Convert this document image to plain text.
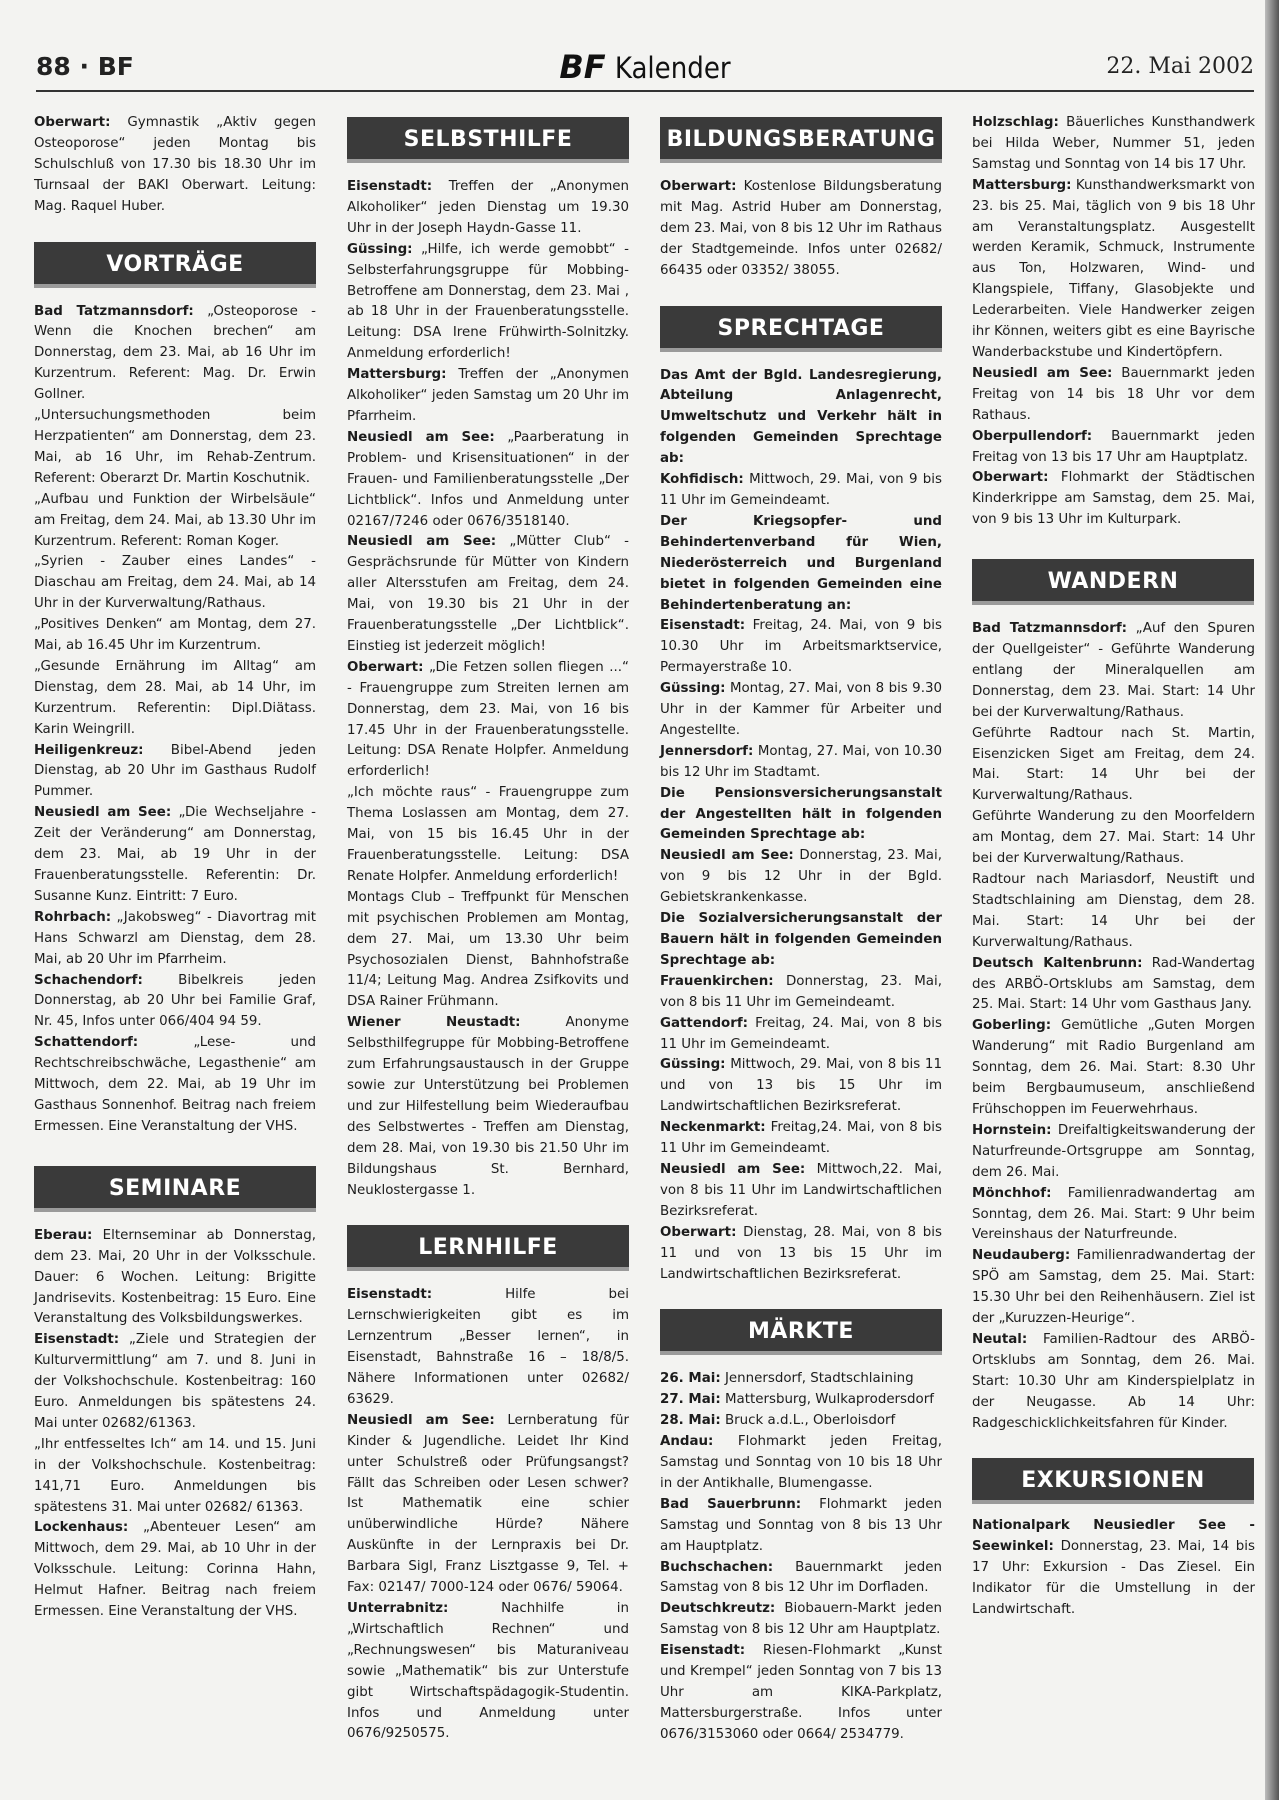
88 · BF	BF Kalender	22. Mai 2002

Oberwart: Gymnastik „Aktiv gegen Osteoporose“ jeden Montag bis Schulschluß von 17.30 bis 18.30 Uhr im Turnsaal der BAKI Oberwart. Leitung: Mag. Raquel Huber.

VORTRÄGE

Bad Tatzmannsdorf: „Osteoporose - Wenn die Knochen brechen“ am Donnerstag, dem 23. Mai, ab 16 Uhr im Kurzentrum. Referent: Mag. Dr. Erwin Gollner.

„Untersuchungsmethoden beim Herzpatienten“ am Donnerstag, dem 23. Mai, ab 16 Uhr, im Rehab-Zentrum. Referent: Oberarzt Dr. Martin Koschutnik.

„Aufbau und Funktion der Wirbelsäule“ am Freitag, dem 24. Mai, ab 13.30 Uhr im Kurzentrum. Referent: Roman Koger.

„Syrien - Zauber eines Landes“ - Diaschau am Freitag, dem 24. Mai, ab 14 Uhr in der Kurverwaltung/Rathaus.

„Positives Denken“ am Montag, dem 27. Mai, ab 16.45 Uhr im Kurzentrum.

„Gesunde Ernährung im Alltag“ am Dienstag, dem 28. Mai, ab 14 Uhr, im Kurzentrum. Referentin: Dipl.Diätass. Karin Weingrill.

Heiligenkreuz: Bibel-Abend jeden Dienstag, ab 20 Uhr im Gasthaus Rudolf Pummer.

Neusiedl am See: „Die Wechseljahre - Zeit der Veränderung“ am Donnerstag, dem 23. Mai, ab 19 Uhr in der Frauenberatungsstelle. Referentin: Dr. Susanne Kunz. Eintritt: 7 Euro.

Rohrbach: „Jakobsweg“ - Diavortrag mit Hans Schwarzl am Dienstag, dem 28. Mai, ab 20 Uhr im Pfarrheim.

Schachendorf:	Bibelkreis jeden Donnerstag, ab 20 Uhr bei Familie Graf, Nr. 45, Infos unter 066/404 94 59.

Schattendorf:	„Lese- und Rechtschreibschwäche, Legasthenie“ am Mittwoch, dem 22. Mai, ab 19 Uhr im Gasthaus Sonnenhof. Beitrag nach freiem Ermessen. Eine Veranstaltung der VHS.

SEMINARE

Eberau: Elternseminar ab Donnerstag, dem 23. Mai, 20 Uhr in der Volksschule. Dauer: 6 Wochen. Leitung: Brigitte Jandrisevits. Kostenbeitrag: 15 Euro. Eine Veranstaltung des Volksbildungswerkes.

Eisenstadt: „Ziele und Strategien der Kulturvermittlung“ am 7. und 8. Juni in der Volkshochschule. Kostenbeitrag: 160 Euro. Anmeldungen bis spätestens 24. Mai unter 02682/61363.

„Ihr entfesseltes Ich“ am 14. und 15. Juni in der Volkshochschule. Kostenbeitrag: 141,71 Euro. Anmeldungen bis spätestens 31. Mai unter 02682/ 61363.

Lockenhaus: „Abenteuer Lesen“ am Mittwoch, dem 29. Mai, ab 10 Uhr in der Volksschule. Leitung: Corinna Hahn, Helmut Hafner. Beitrag nach freiem Ermessen. Eine Veranstaltung der VHS.

SELBSTHILFE

Eisenstadt: Treffen der „Anonymen Alkoholiker“ jeden Dienstag um 19.30 Uhr in der Joseph Haydn-Gasse 11.

Güssing: „Hilfe, ich werde gemobbt“ - Selbsterfahrungsgruppe für Mobbing-Betroffene am Donnerstag, dem 23. Mai , ab 18 Uhr in der Frauenberatungsstelle. Leitung: DSA Irene Frühwirth-Solnitzky. Anmeldung erforderlich!

Mattersburg: Treffen der „Anonymen Alkoholiker“ jeden Samstag um 20 Uhr im Pfarrheim.

Neusiedl am See: „Paarberatung in Problem- und Krisensituationen“ in der Frauen- und Familienberatungsstelle „Der Lichtblick“. Infos und Anmeldung unter 02167/7246 oder 0676/3518140.

Neusiedl am See: „Mütter Club“ - Gesprächsrunde für Mütter von Kindern aller Altersstufen am Freitag, dem 24. Mai, von 19.30 bis 21 Uhr in der Frauenberatungsstelle „Der Lichtblick“. Einstieg ist jederzeit möglich!

Oberwart: „Die Fetzen sollen fliegen ...“ - Frauengruppe zum Streiten lernen am Donnerstag, dem 23. Mai, von 16 bis 17.45 Uhr in der Frauenberatungsstelle. Leitung: DSA Renate Holpfer. Anmeldung erforderlich!

„Ich möchte raus“ - Frauengruppe zum Thema Loslassen am Montag, dem 27. Mai, von 15 bis 16.45 Uhr in der Frauenberatungsstelle. Leitung: DSA Renate Holpfer. Anmeldung erforderlich!

Montags Club – Treffpunkt für Menschen mit psychischen Problemen am Montag, dem 27. Mai, um 13.30 Uhr beim Psychosozialen Dienst, Bahnhofstraße 11/4; Leitung Mag. Andrea Zsifkovits und DSA Rainer Frühmann.

Wiener Neustadt:	Anonyme Selbsthilfegruppe für Mobbing-Betroffene zum Erfahrungsaustausch in der Gruppe sowie zur Unterstützung bei Problemen und zur Hilfestellung beim Wiederaufbau des Selbstwertes - Treffen am Dienstag, dem 28. Mai, von 19.30 bis 21.50 Uhr im Bildungshaus St. Bernhard, Neuklostergasse 1.

LERNHILFE

Eisenstadt:	Hilfe bei Lernschwierigkeiten gibt es im Lernzentrum „Besser lernen“, in Eisenstadt, Bahnstraße 16 – 18/8/5. Nähere Informationen unter 02682/ 63629.

Neusiedl am See: Lernberatung für Kinder & Jugendliche. Leidet Ihr Kind unter Schulstreß oder Prüfungsangst? Fällt das Schreiben oder Lesen schwer? Ist Mathematik eine schier unüberwindliche Hürde? Nähere Auskünfte in der Lernpraxis bei Dr. Barbara Sigl, Franz Lisztgasse 9, Tel. + Fax: 02147/ 7000-124 oder 0676/ 59064.

Unterrabnitz:	Nachhilfe in „Wirtschaftlich Rechnen“ und „Rechnungswesen“ bis Maturaniveau sowie „Mathematik“ bis zur Unterstufe gibt Wirtschaftspädagogik-Studentin. Infos und Anmeldung unter 0676/9250575.

BILDUNGSBERATUNG

Oberwart: Kostenlose Bildungsberatung mit Mag. Astrid Huber am Donnerstag, dem 23. Mai, von 8 bis 12 Uhr im Rathaus der Stadtgemeinde. Infos unter 02682/ 66435 oder 03352/ 38055.

SPRECHTAGE

Das Amt der Bgld. Landesregierung, Abteilung Anlagenrecht, Umweltschutz und Verkehr hält in folgenden Gemeinden Sprechtage ab:

Kohfidisch: Mittwoch, 29. Mai, von 9 bis 11 Uhr im Gemeindeamt.

Der Kriegsopfer- und Behindertenverband für Wien, Niederösterreich und Burgenland bietet in folgenden Gemeinden eine Behindertenberatung an:

Eisenstadt: Freitag, 24. Mai, von 9 bis 10.30 Uhr im Arbeitsmarktservice, Permayerstraße 10.

Güssing: Montag, 27. Mai, von 8 bis 9.30 Uhr in der Kammer für Arbeiter und Angestellte.

Jennersdorf: Montag, 27. Mai, von 10.30 bis 12 Uhr im Stadtamt.

Die Pensionsversicherungsanstalt der Angestellten hält in folgenden Gemeinden Sprechtage ab:

Neusiedl am See: Donnerstag, 23. Mai, von 9 bis 12 Uhr in der Bgld. Gebietskrankenkasse.

Die Sozialversicherungsanstalt der Bauern hält in folgenden Gemeinden Sprechtage ab:

Frauenkirchen: Donnerstag, 23. Mai, von 8 bis 11 Uhr im Gemeindeamt.

Gattendorf: Freitag, 24. Mai, von 8 bis 11 Uhr im Gemeindeamt.

Güssing: Mittwoch, 29. Mai, von 8 bis 11 und von 13 bis 15 Uhr im Landwirtschaftlichen Bezirksreferat.

Neckenmarkt: Freitag,24. Mai, von 8 bis 11 Uhr im Gemeindeamt.

Neusiedl am See: Mittwoch,22. Mai, von 8 bis 11 Uhr im Landwirtschaftlichen Bezirksreferat.

Oberwart: Dienstag, 28. Mai, von 8 bis 11 und von 13 bis 15 Uhr im Landwirtschaftlichen Bezirksreferat.

MÄRKTE

26. Mai: Jennersdorf, Stadtschlaining

27. Mai: Mattersburg, Wulkaprodersdorf

28. Mai: Bruck a.d.L., Oberloisdorf

Andau: Flohmarkt jeden Freitag, Samstag und Sonntag von 10 bis 18 Uhr in der Antikhalle, Blumengasse.

Bad Sauerbrunn: Flohmarkt jeden Samstag und Sonntag von 8 bis 13 Uhr am Hauptplatz.

Buchschachen: Bauernmarkt jeden Samstag von 8 bis 12 Uhr im Dorfladen.

Deutschkreutz: Biobauern-Markt jeden Samstag von 8 bis 12 Uhr am Hauptplatz.

Eisenstadt: Riesen-Flohmarkt „Kunst und Krempel“ jeden Sonntag von 7 bis 13 Uhr am KIKA-Parkplatz, Mattersburgerstraße. Infos unter 0676/3153060 oder 0664/ 2534779.

Holzschlag: Bäuerliches Kunsthandwerk bei Hilda Weber, Nummer 51, jeden Samstag und Sonntag von 14 bis 17 Uhr.

Mattersburg: Kunsthandwerksmarkt von 23. bis 25. Mai, täglich von 9 bis 18 Uhr am Veranstaltungsplatz. Ausgestellt werden Keramik, Schmuck, Instrumente aus Ton, Holzwaren, Wind- und Klangspiele, Tiffany, Glasobjekte und Lederarbeiten. Viele Handwerker zeigen ihr Können, weiters gibt es eine Bayrische Wanderbackstube und Kindertöpfern.

Neusiedl am See: Bauernmarkt jeden Freitag von 14 bis 18 Uhr vor dem Rathaus.

Oberpullendorf: Bauernmarkt jeden Freitag von 13 bis 17 Uhr am Hauptplatz.

Oberwart: Flohmarkt der Städtischen Kinderkrippe am Samstag, dem 25. Mai, von 9 bis 13 Uhr im Kulturpark.

WANDERN

Bad Tatzmannsdorf: „Auf den Spuren der Quellgeister“ - Geführte Wanderung entlang der Mineralquellen am Donnerstag, dem 23. Mai. Start: 14 Uhr bei der Kurverwaltung/Rathaus.

Geführte Radtour nach St. Martin, Eisenzicken Siget am Freitag, dem 24. Mai. Start: 14 Uhr bei der Kurverwaltung/Rathaus.

Geführte Wanderung zu den Moorfeldern am Montag, dem 27. Mai. Start: 14 Uhr bei der Kurverwaltung/Rathaus.

Radtour nach Mariasdorf, Neustift und Stadtschlaining am Dienstag, dem 28. Mai. Start: 14 Uhr bei der Kurverwaltung/Rathaus.

Deutsch Kaltenbrunn: Rad-Wandertag des ARBÖ-Ortsklubs am Samstag, dem 25. Mai. Start: 14 Uhr vom Gasthaus Jany.

Goberling: Gemütliche „Guten Morgen Wanderung“ mit Radio Burgenland am Sonntag, dem 26. Mai. Start: 8.30 Uhr beim Bergbaumuseum, anschließend Frühschoppen im Feuerwehrhaus.

Hornstein: Dreifaltigkeitswanderung der Naturfreunde-Ortsgruppe am Sonntag, dem 26. Mai.

Mönchhof: Familienradwandertag am Sonntag, dem 26. Mai. Start: 9 Uhr beim Vereinshaus der Naturfreunde.

Neudauberg: Familienradwandertag der SPÖ am Samstag, dem 25. Mai. Start: 15.30 Uhr bei den Reihenhäusern. Ziel ist der „Kuruzzen-Heurige“.

Neutal: Familien-Radtour des ARBÖ-Ortsklubs am Sonntag, dem 26. Mai. Start: 10.30 Uhr am Kinderspielplatz in der Neugasse. Ab 14 Uhr: Radgeschicklichkeitsfahren für Kinder.

EXKURSIONEN

Nationalpark Neusiedler See - Seewinkel: Donnerstag, 23. Mai, 14 bis 17 Uhr: Exkursion - Das Ziesel. Ein Indikator für die Umstellung in der Landwirtschaft.
